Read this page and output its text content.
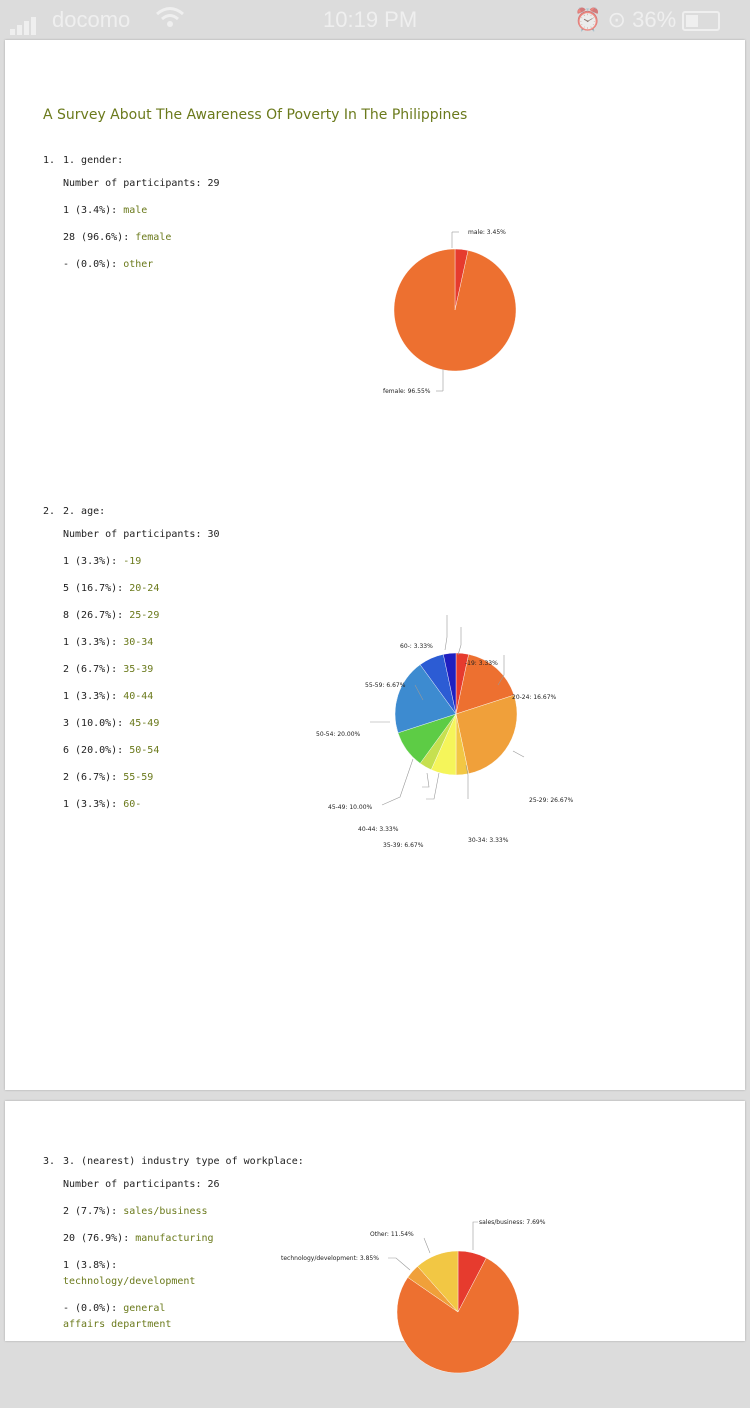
docomo	10:19 PM	⏰ ⊙ 36%
A Survey About The Awareness Of Poverty In The Philippines
1. 1. gender:
Number of participants: 29
1 (3.4%): male
28 (96.6%): female
- (0.0%): other
male: 3.45%
female: 96.55%
2. 2. age:
Number of participants: 30
1 (3.3%): -19
5 (16.7%): 20-24
8 (26.7%): 25-29
1 (3.3%): 30-34
2 (6.7%): 35-39
1 (3.3%): 40-44
3 (10.0%): 45-49
6 (20.0%): 50-54
2 (6.7%): 55-59
1 (3.3%): 60-
60-: 3.33%
-19: 3.33%
20-24: 16.67%
25-29: 26.67%
30-34: 3.33%
35-39: 6.67%
40-44: 3.33%
45-49: 10.00%
50-54: 20.00%
55-59: 6.67%
3. 3. (nearest) industry type of workplace:
Number of participants: 26
2 (7.7%): sales/business
20 (76.9%): manufacturing
1 (3.8%):
technology/development
- (0.0%): general affairs department
sales/business: 7.69%
technology/development: 3.85%
Other: 11.54%
